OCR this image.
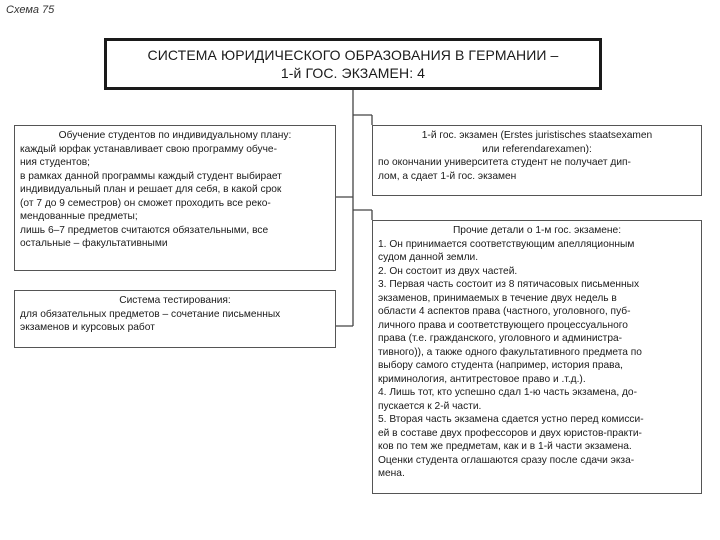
Схема 75
СИСТЕМА ЮРИДИЧЕСКОГО ОБРАЗОВАНИЯ В ГЕРМАНИИ –
1-й ГОС. ЭКЗАМЕН: 4
Обучение студентов по индивидуальному плану:
каждый юрфак устанавливает свою программу обуче-
ния студентов;
в рамках данной программы каждый студент выбирает
индивидуальный план и решает для себя, в какой срок
(от 7 до 9 семестров) он сможет проходить все реко-
мендованные предметы;
лишь 6–7 предметов считаются обязательными, все
остальные – факультативными
Система тестирования:
для обязательных предметов – сочетание письменных
экзаменов и курсовых работ
1-й гос. экзамен (Erstes juristisches staatsexamen
или referendarexamen):
по окончании университета студент не получает дип-
лом, а сдает 1-й гос. экзамен
Прочие детали о 1-м гос. экзамене:
1. Он принимается соответствующим апелляционным
судом данной земли.
2. Он состоит из двух частей.
3. Первая часть состоит из 8 пятичасовых письменных
экзаменов, принимаемых в течение двух недель в
области 4 аспектов права (частного, уголовного, пуб-
личного права и соответствующего процессуального
права (т.е. гражданского, уголовного и администра-
тивного)), а также одного факультативного предмета по
выбору самого студента (например, история права,
криминология, антитрестовое право и .т.д.).
4. Лишь тот, кто успешно сдал 1-ю часть экзамена, до-
пускается к 2-й части.
5. Вторая часть экзамена сдается устно перед комисси-
ей в составе двух профессоров и двух юристов-практи-
ков по тем же предметам, как и в 1-й части экзамена.
Оценки студента оглашаются сразу после сдачи экза-
мена.
